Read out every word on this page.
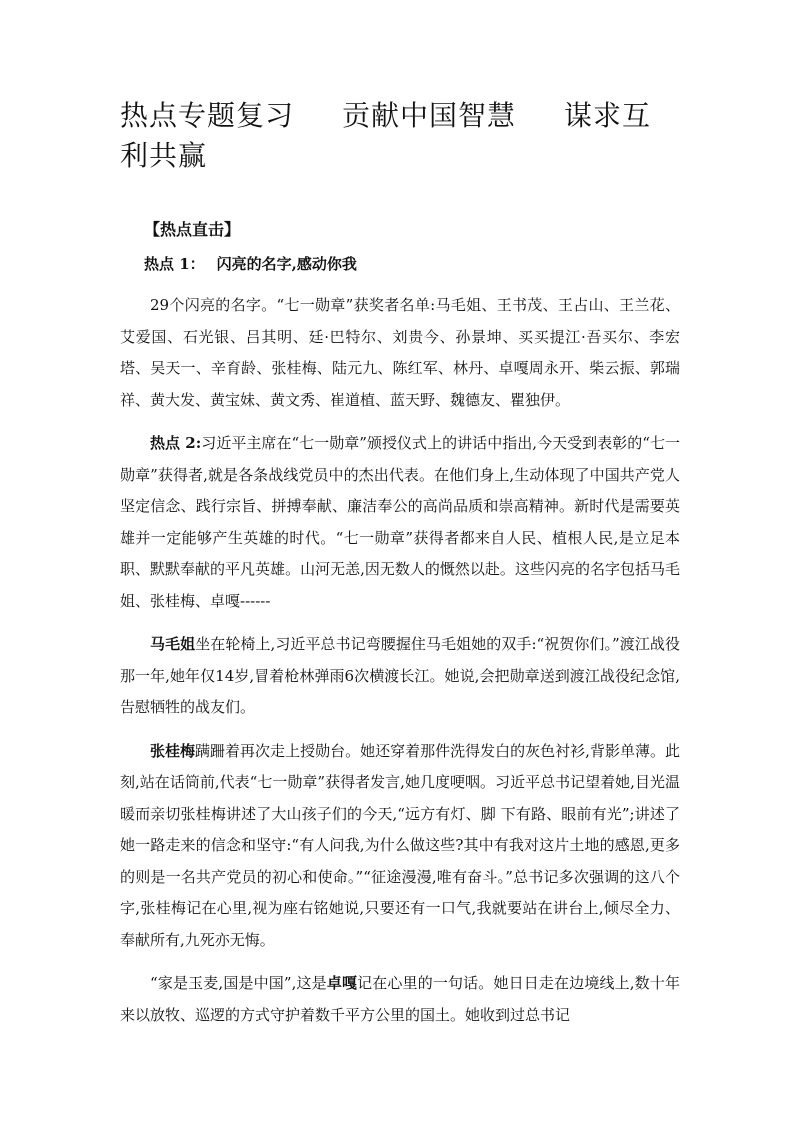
热点专题复习 贡献中国智慧 谋求互利共赢
【热点直击】
热点 1： 闪亮的名字,感动你我

29个闪亮的名字。“七一勋章”获奖者名单:马毛姐、王书茂、王占山、王兰花、艾爱国、石光银、吕其明、廷·巴特尔、刘贵今、孙景坤、买买提江·吾买尔、李宏塔、吴天一、辛育龄、张桂梅、陆元九、陈红军、林丹、卓嘎周永开、柴云振、郭瑞祥、黄大发、黄宝妹、黄文秀、崔道植、蓝天野、魏德友、瞿独伊。

热点 2:习近平主席在“七一勋章”颁授仪式上的讲话中指出,今天受到表彰的“七一勋章”获得者,就是各条战线党员中的杰出代表。在他们身上,生动体现了中国共产党人坚定信念、践行宗旨、拼搏奉献、廉洁奉公的高尚品质和崇高精神。新时代是需要英雄并一定能够产生英雄的时代。“七一勋章”获得者都来自人民、植根人民,是立足本职、默默奉献的平凡英雄。山河无恙,因无数人的慨然以赴。这些闪亮的名字包括马毛姐、张桂梅、卓嘎------

马毛姐坐在轮椅上,习近平总书记弯腰握住马毛姐她的双手:“祝贺你们。”渡江战役那一年,她年仅14岁,冒着枪林弹雨6次横渡长江。她说,会把勋章送到渡江战役纪念馆,告慰牺牲的战友们。

张桂梅蹒跚着再次走上授勋台。她还穿着那件洗得发白的灰色衬衫,背影单薄。此刻,站在话筒前,代表“七一勋章”获得者发言,她几度哽咽。习近平总书记望着她,目光温暖而亲切张桂梅讲述了大山孩子们的今天,“远方有灯、脚 下有路、眼前有光”;讲述了她一路走来的信念和坚守:“有人问我,为什么做这些?其中有我对这片土地的感恩,更多的则是一名共产党员的初心和使命。”“征途漫漫,唯有奋斗。”总书记多次强调的这八个字,张桂梅记在心里,视为座右铭她说,只要还有一口气,我就要站在讲台上,倾尽全力、奉献所有,九死亦无悔。

“家是玉麦,国是中国”,这是卓嘎记在心里的一句话。她日日走在边境线上,数十年来以放牧、巡逻的方式守护着数千平方公里的国土。她收到过总书记
